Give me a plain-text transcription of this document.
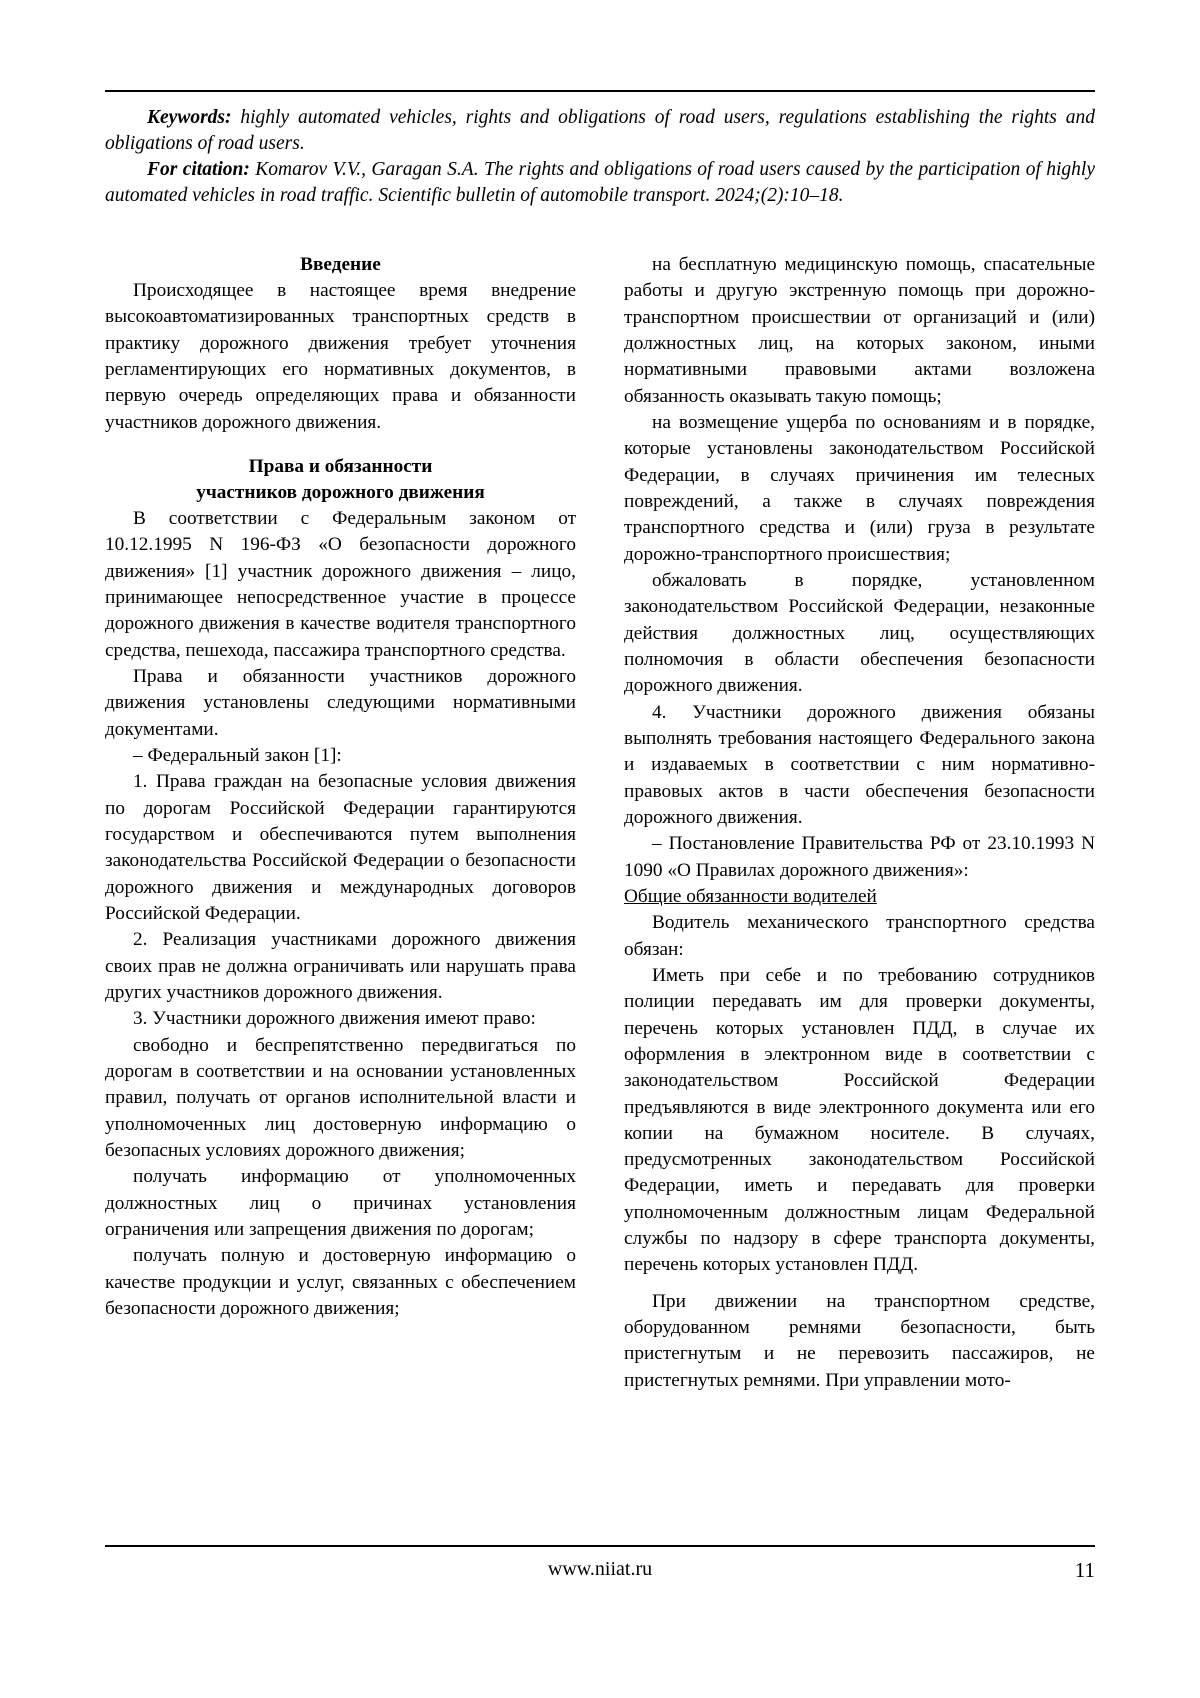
Keywords: highly automated vehicles, rights and obligations of road users, regulations establishing the rights and obligations of road users.

For citation: Komarov V.V., Garagan S.A. The rights and obligations of road users caused by the participation of highly automated vehicles in road traffic. Scientific bulletin of automobile transport. 2024;(2):10–18.

Введение

Происходящее в настоящее время внедрение высокоавтоматизированных транспортных средств в практику дорожного движения требует уточнения регламентирующих его нормативных документов, в первую очередь определяющих права и обязанности участников дорожного движения.

Права и обязанности
участников дорожного движения

В соответствии с Федеральным законом от 10.12.1995 N 196-ФЗ «О безопасности дорожного движения» [1] участник дорожного движения – лицо, принимающее непосредственное участие в процессе дорожного движения в качестве водителя транспортного средства, пешехода, пассажира транспортного средства.

Права и обязанности участников дорожного движения установлены следующими нормативными документами.

– Федеральный закон [1]:

1. Права граждан на безопасные условия движения по дорогам Российской Федерации гарантируются государством и обеспечиваются путем выполнения законодательства Российской Федерации о безопасности дорожного движения и международных договоров Российской Федерации.

2. Реализация участниками дорожного движения своих прав не должна ограничивать или нарушать права других участников дорожного движения.

3. Участники дорожного движения имеют право:

свободно и беспрепятственно передвигаться по дорогам в соответствии и на основании установленных правил, получать от органов исполнительной власти и уполномоченных лиц достоверную информацию о безопасных условиях дорожного движения;

получать информацию от уполномоченных должностных лиц о причинах установления ограничения или запрещения движения по дорогам;

получать полную и достоверную информацию о качестве продукции и услуг, связанных с обеспечением безопасности дорожного движения;

на бесплатную медицинскую помощь, спасательные работы и другую экстренную помощь при дорожно-транспортном происшествии от организаций и (или) должностных лиц, на которых законом, иными нормативными правовыми актами возложена обязанность оказывать такую помощь;

на возмещение ущерба по основаниям и в порядке, которые установлены законодательством Российской Федерации, в случаях причинения им телесных повреждений, а также в случаях повреждения транспортного средства и (или) груза в результате дорожно-транспортного происшествия;

обжаловать в порядке, установленном законодательством Российской Федерации, незаконные действия должностных лиц, осуществляющих полномочия в области обеспечения безопасности дорожного движения.

4. Участники дорожного движения обязаны выполнять требования настоящего Федерального закона и издаваемых в соответствии с ним нормативно-правовых актов в части обеспечения безопасности дорожного движения.

– Постановление Правительства РФ от 23.10.1993 N 1090 «О Правилах дорожного движения»:

Общие обязанности водителей

Водитель механического транспортного средства обязан:

Иметь при себе и по требованию сотрудников полиции передавать им для проверки документы, перечень которых установлен ПДД, в случае их оформления в электронном виде в соответствии с законодательством Российской Федерации предъявляются в виде электронного документа или его копии на бумажном носителе. В случаях, предусмотренных законодательством Российской Федерации, иметь и передавать для проверки уполномоченным должностным лицам Федеральной службы по надзору в сфере транспорта документы, перечень которых установлен ПДД.

При движении на транспортном средстве, оборудованном ремнями безопасности, быть пристегнутым и не перевозить пассажиров, не пристегнутых ремнями. При управлении мото-

www.niiat.ru	11
